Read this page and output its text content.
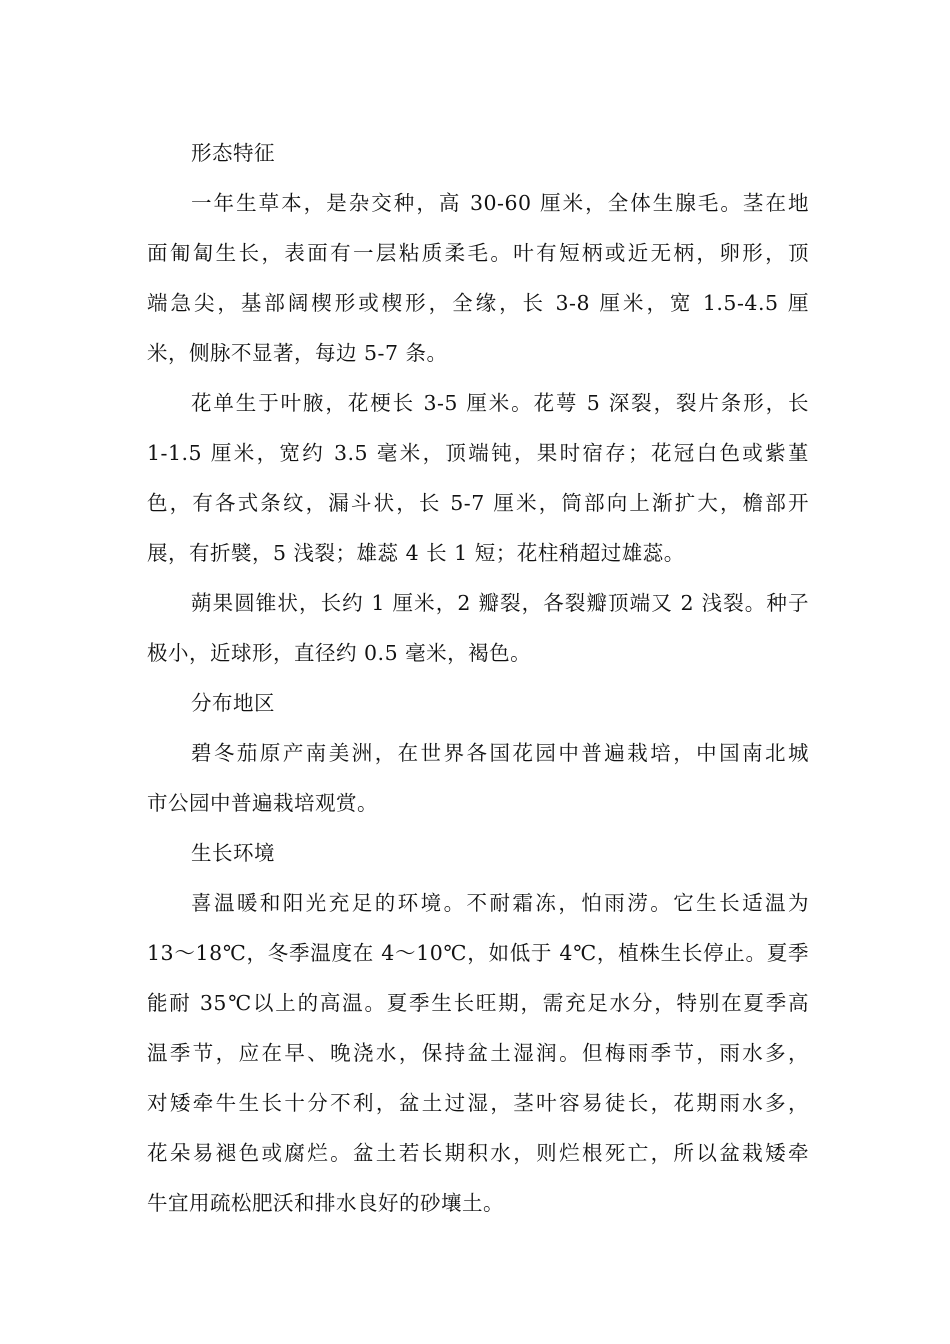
形态特征
一年生草本，是杂交种，高 30-60 厘米，全体生腺毛。茎在地
面匍匐生长，表面有一层粘质柔毛。叶有短柄或近无柄，卵形，顶
端急尖，基部阔楔形或楔形，全缘，长 3-8 厘米，宽 1.5-4.5 厘
米，侧脉不显著，每边 5-7 条。
花单生于叶腋，花梗长 3-5 厘米。花萼 5 深裂，裂片条形，长
1-1.5 厘米，宽约 3.5 毫米，顶端钝，果时宿存；花冠白色或紫堇
色，有各式条纹，漏斗状，长 5-7 厘米，筒部向上渐扩大，檐部开
展，有折襞，5 浅裂；雄蕊 4 长 1 短；花柱稍超过雄蕊。
蒴果圆锥状，长约 1 厘米，2 瓣裂，各裂瓣顶端又 2 浅裂。种子
极小，近球形，直径约 0.5 毫米，褐色。
分布地区
碧冬茄原产南美洲，在世界各国花园中普遍栽培，中国南北城
市公园中普遍栽培观赏。
生长环境
喜温暖和阳光充足的环境。不耐霜冻，怕雨涝。它生长适温为
13～18℃，冬季温度在 4～10℃，如低于 4℃，植株生长停止。夏季
能耐 35℃以上的高温。夏季生长旺期，需充足水分，特别在夏季高
温季节，应在早、晚浇水，保持盆土湿润。但梅雨季节，雨水多，
对矮牵牛生长十分不利，盆土过湿，茎叶容易徒长，花期雨水多，
花朵易褪色或腐烂。盆土若长期积水，则烂根死亡，所以盆栽矮牵
牛宜用疏松肥沃和排水良好的砂壤土。
